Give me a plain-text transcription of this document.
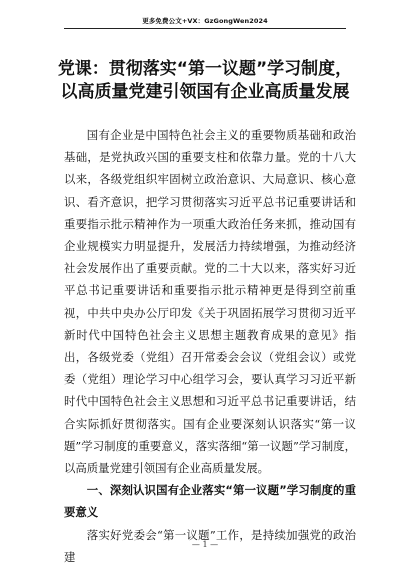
更多免费公文+VX：GzGongWen2024
党课：贯彻落实“第一议题”学习制度，
以高质量党建引领国有企业高质量发展

国有企业是中国特色社会主义的重要物质基础和政治基础，是党执政兴国的重要支柱和依靠力量。党的十八大以来，各级党组织牢固树立政治意识、大局意识、核心意识、看齐意识，把学习贯彻落实习近平总书记重要讲话和重要指示批示精神作为一项重大政治任务来抓，推动国有企业规模实力明显提升，发展活力持续增强，为推动经济社会发展作出了重要贡献。党的二十大以来，落实好习近平总书记重要讲话和重要指示批示精神更是得到空前重视，中共中央办公厅印发《关于巩固拓展学习贯彻习近平新时代中国特色社会主义思想主题教育成果的意见》指出，各级党委（党组）召开常委会会议（党组会议）或党委（党组）理论学习中心组学习会，要认真学习习近平新时代中国特色社会主义思想和习近平总书记重要讲话，结合实际抓好贯彻落实。国有企业要深刻认识落实“第一议题”学习制度的重要意义，落实落细“第一议题”学习制度，以高质量党建引领国有企业高质量发展。

一、深刻认识国有企业落实“第一议题”学习制度的重要意义

落实好党委会“第一议题”工作，是持续加强党的政治建

— 1 —
